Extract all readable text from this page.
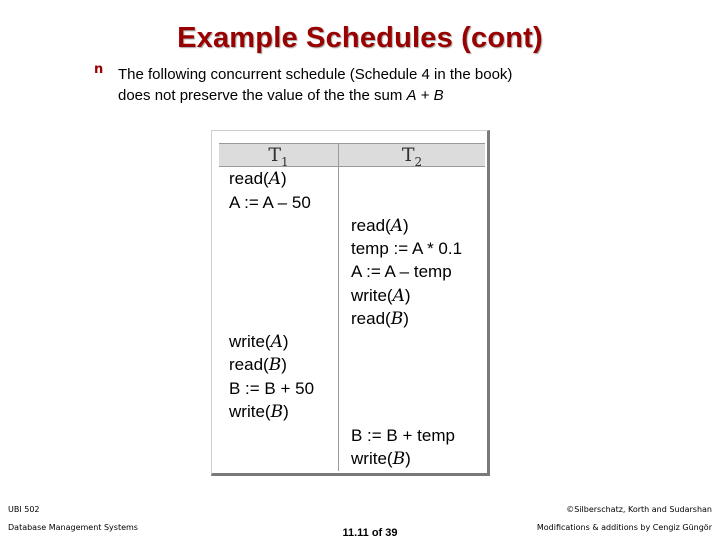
Example Schedules (cont)
n The following concurrent schedule (Schedule 4 in the book)
does not preserve the value of the the sum A + B
$T_1$	$T_2$
read(A)
A := A – 50
write(A)
read(B)
B := B + 50
write(B)
read(A)
temp := A * 0.1
A := A – temp
write(A)
read(B)
B := B + temp
write(B)
UBI 502
Database Management Systems	11.11 of 39
©Silberschatz, Korth and Sudarshan
Modifications & additions by Cengiz Güngör
